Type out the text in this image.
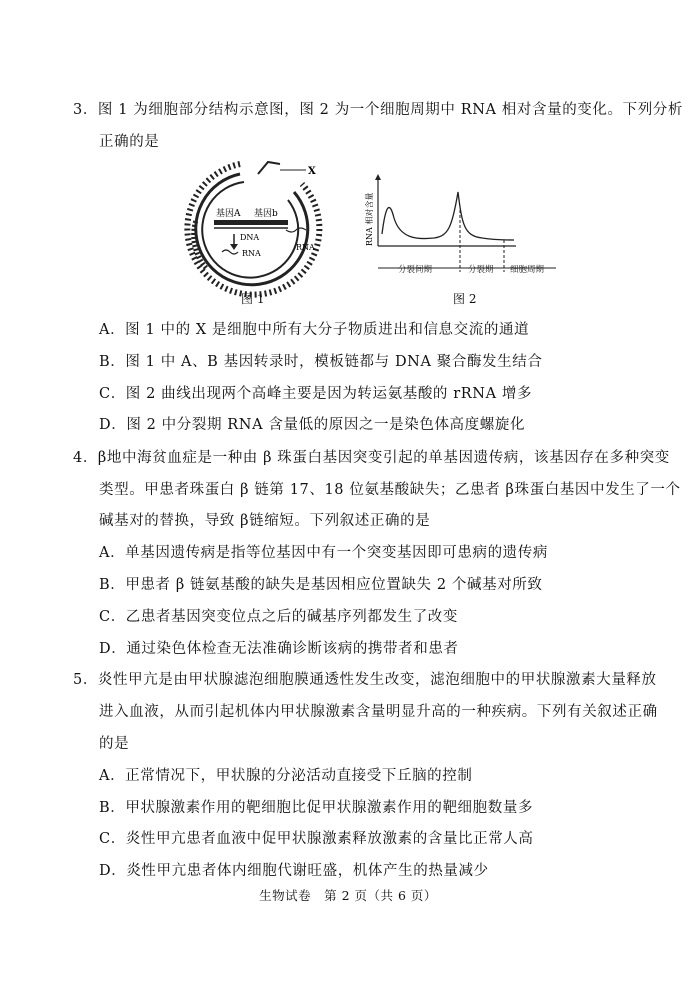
3．图 1 为细胞部分结构示意图，图 2 为一个细胞周期中 RNA 相对含量的变化。下列分析
正确的是
X
基因A 基因b
DNA
RNA
RNA
图 1
RNA 相对含量
分裂间期	分裂期 细胞周期
图 2
A．图 1 中的 X 是细胞中所有大分子物质进出和信息交流的通道
B．图 1 中 A、B 基因转录时，模板链都与 DNA 聚合酶发生结合
C．图 2 曲线出现两个高峰主要是因为转运氨基酸的 rRNA 增多
D．图 2 中分裂期 RNA 含量低的原因之一是染色体高度螺旋化
4．β地中海贫血症是一种由 β 珠蛋白基因突变引起的单基因遗传病，该基因存在多种突变
类型。甲患者珠蛋白 β 链第 17、18 位氨基酸缺失；乙患者 β珠蛋白基因中发生了一个
碱基对的替换，导致 β链缩短。下列叙述正确的是
A．单基因遗传病是指等位基因中有一个突变基因即可患病的遗传病
B．甲患者 β 链氨基酸的缺失是基因相应位置缺失 2 个碱基对所致
C．乙患者基因突变位点之后的碱基序列都发生了改变
D．通过染色体检查无法准确诊断该病的携带者和患者
5．炎性甲亢是由甲状腺滤泡细胞膜通透性发生改变，滤泡细胞中的甲状腺激素大量释放
进入血液，从而引起机体内甲状腺激素含量明显升高的一种疾病。下列有关叙述正确
的是
A．正常情况下，甲状腺的分泌活动直接受下丘脑的控制
B．甲状腺激素作用的靶细胞比促甲状腺激素作用的靶细胞数量多
C．炎性甲亢患者血液中促甲状腺激素释放激素的含量比正常人高
D．炎性甲亢患者体内细胞代谢旺盛，机体产生的热量减少
生物试卷　第 2 页（共 6 页）
